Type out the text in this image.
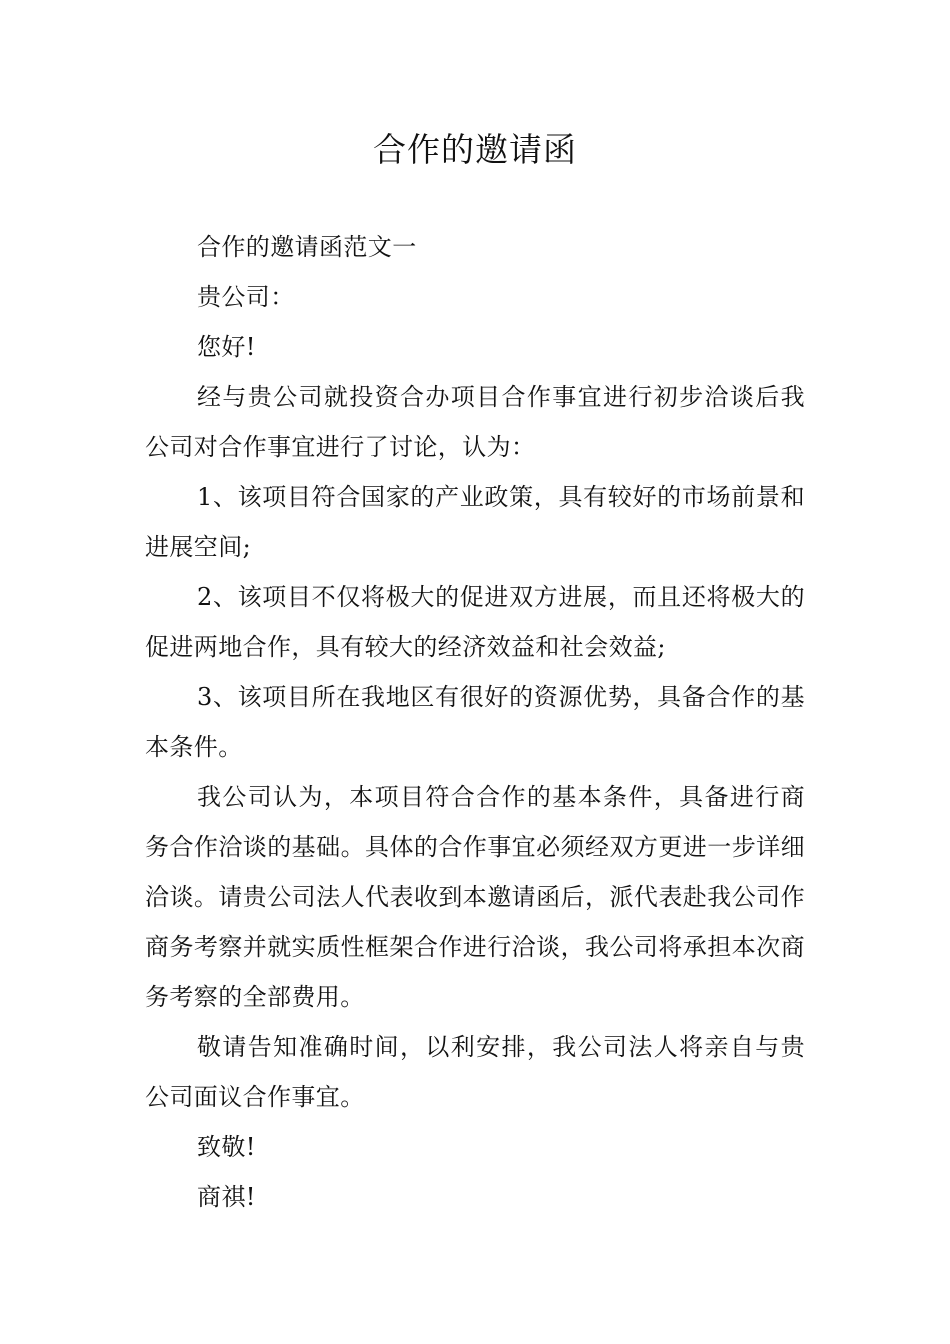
合作的邀请函

合作的邀请函范文一

贵公司：

您好!

经与贵公司就投资合办项目合作事宜进行初步洽谈后我公司对合作事宜进行了讨论，认为：

1、该项目符合国家的产业政策，具有较好的市场前景和进展空间;

2、该项目不仅将极大的促进双方进展，而且还将极大的促进两地合作，具有较大的经济效益和社会效益;

3、该项目所在我地区有很好的资源优势，具备合作的基本条件。

我公司认为，本项目符合合作的基本条件，具备进行商务合作洽谈的基础。具体的合作事宜必须经双方更进一步详细洽谈。请贵公司法人代表收到本邀请函后，派代表赴我公司作商务考察并就实质性框架合作进行洽谈，我公司将承担本次商务考察的全部费用。

敬请告知准确时间，以利安排，我公司法人将亲自与贵公司面议合作事宜。

致敬!

商祺!
